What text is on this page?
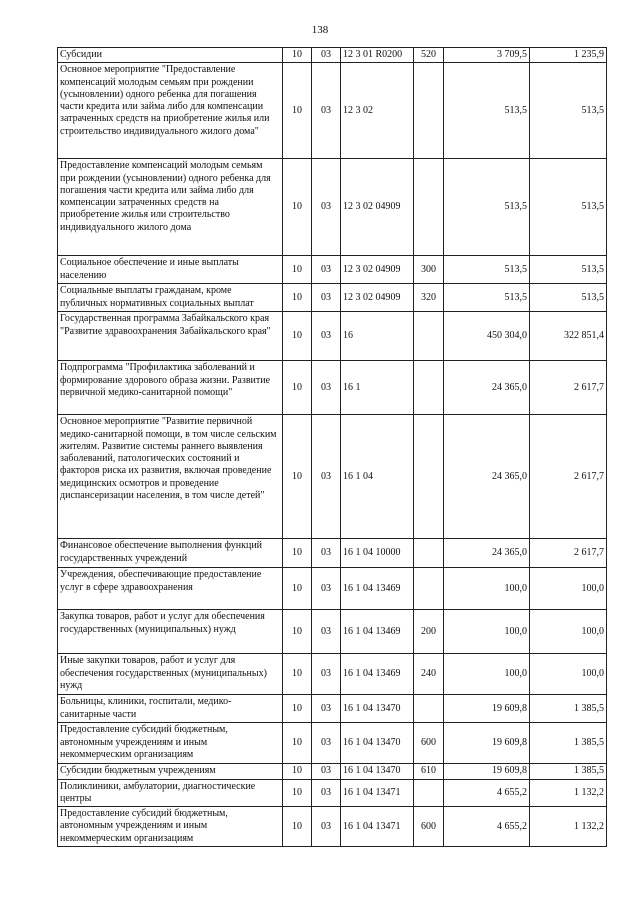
138
Субсидии	10	03	12 3 01 R0200	520	3 709,5	1 235,9
Основное мероприятие "Предоставление компенсаций молодым семьям при рождении (усыновлении) одного ребенка для погашения части кредита или займа либо для компенсации затраченных средств на приобретение жилья или строительство индивидуального жилого дома"	10	03	12 3 02		513,5	513,5
Предоставление компенсаций молодым семьям при рождении (усыновлении) одного ребенка для погашения части кредита или займа либо для компенсации затраченных средств на приобретение жилья или строительство индивидуального жилого дома	10	03	12 3 02 04909		513,5	513,5
Социальное обеспечение и иные выплаты населению	10	03	12 3 02 04909	300	513,5	513,5
Социальные выплаты гражданам, кроме публичных нормативных социальных выплат	10	03	12 3 02 04909	320	513,5	513,5
Государственная программа Забайкальского края "Развитие здравоохранения Забайкальского края"	10	03	16		450 304,0	322 851,4
Подпрограмма "Профилактика заболеваний и формирование здорового образа жизни. Развитие первичной медико-санитарной помощи"	10	03	16 1		24 365,0	2 617,7
Основное мероприятие "Развитие первичной медико-санитарной помощи, в том числе сельским жителям. Развитие системы раннего выявления заболеваний, патологических состояний и факторов риска их развития, включая проведение медицинских осмотров и проведение диспансеризации населения, в том числе детей"	10	03	16 1 04		24 365,0	2 617,7
Финансовое обеспечение выполнения функций государственных учреждений	10	03	16 1 04 10000		24 365,0	2 617,7
Учреждения, обеспечивающие предоставление услуг в сфере здравоохранения	10	03	16 1 04 13469		100,0	100,0
Закупка товаров, работ и услуг для обеспечения государственных (муниципальных) нужд	10	03	16 1 04 13469	200	100,0	100,0
Иные закупки товаров, работ и услуг для обеспечения государственных (муниципальных) нужд	10	03	16 1 04 13469	240	100,0	100,0
Больницы, клиники, госпитали, медико-санитарные части	10	03	16 1 04 13470		19 609,8	1 385,5
Предоставление субсидий бюджетным, автономным учреждениям и иным некоммерческим организациям	10	03	16 1 04 13470	600	19 609,8	1 385,5
Субсидии бюджетным учреждениям	10	03	16 1 04 13470	610	19 609,8	1 385,5
Поликлиники, амбулатории, диагностические центры	10	03	16 1 04 13471		4 655,2	1 132,2
Предоставление субсидий бюджетным, автономным учреждениям и иным некоммерческим организациям	10	03	16 1 04 13471	600	4 655,2	1 132,2
